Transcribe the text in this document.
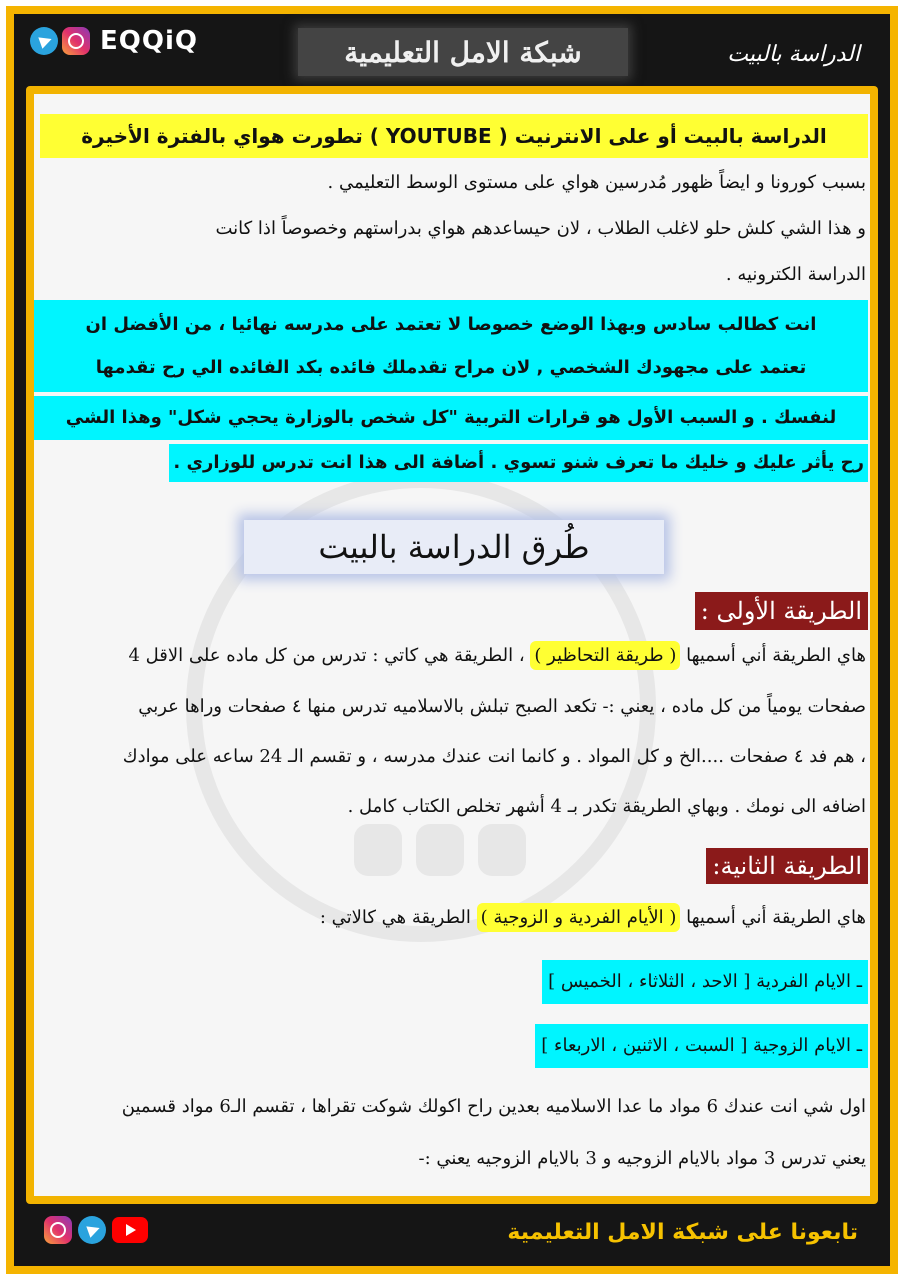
EQQiQ	شبكة الامل التعليمية	الدراسة بالبيت
الدراسة بالبيت أو على الانترنيت ( YOUTUBE ) تطورت هواي بالفترة الأخيرة
بسبب كورونا و ايضاً ظهور مُدرسين هواي على مستوى الوسط التعليمي .
و هذا الشي كلش حلو لاغلب الطلاب ، لان حيساعدهم هواي بدراستهم وخصوصاً اذا كانت
الدراسة الكترونيه .
انت كطالب سادس وبهذا الوضع خصوصا لا تعتمد على مدرسه نهائيا ، من الأفضل ان
تعتمد على مجهودك الشخصي , لان مراح تقدملك فائده بكد الفائده الي رح تقدمها
لنفسك . و السبب الأول هو قرارات التربية "كل شخص بالوزارة يحجي شكل" وهذا الشي
رح يأثر عليك و خليك ما تعرف شنو تسوي . أضافة الى هذا انت تدرس للوزاري .
طُرق الدراسة بالبيت
الطريقة الأولى :
هاي الطريقة أني أسميها ( طريقة التحاظير ) ، الطريقة هي كاتي : تدرس من كل ماده على الاقل 4
صفحات يومياً من كل ماده ، يعني :- تكعد الصبح تبلش بالاسلاميه تدرس منها ٤ صفحات وراها عربي
، هم فد ٤ صفحات ....الخ و كل المواد . و كانما انت عندك مدرسه ، و تقسم الـ 24 ساعه على موادك
اضافه الى نومك . وبهاي الطريقة تكدر بـ 4 أشهر تخلص الكتاب كامل .
الطريقة الثانية:
هاي الطريقة أني أسميها ( الأيام الفردية و الزوجية ) الطريقة هي كالاتي :
ـ الايام الفردية [ الاحد ، الثلاثاء ، الخميس ]
ـ الايام الزوجية [ السبت ، الاثنين ، الاربعاء ]
اول شي انت عندك 6 مواد ما عدا الاسلاميه بعدين راح اكولك شوكت تقراها ، تقسم الـ6 مواد قسمين
يعني تدرس 3 مواد بالايام الزوجيه و 3 بالايام الزوجيه يعني :-
تابعونا على شبكة الامل التعليمية
